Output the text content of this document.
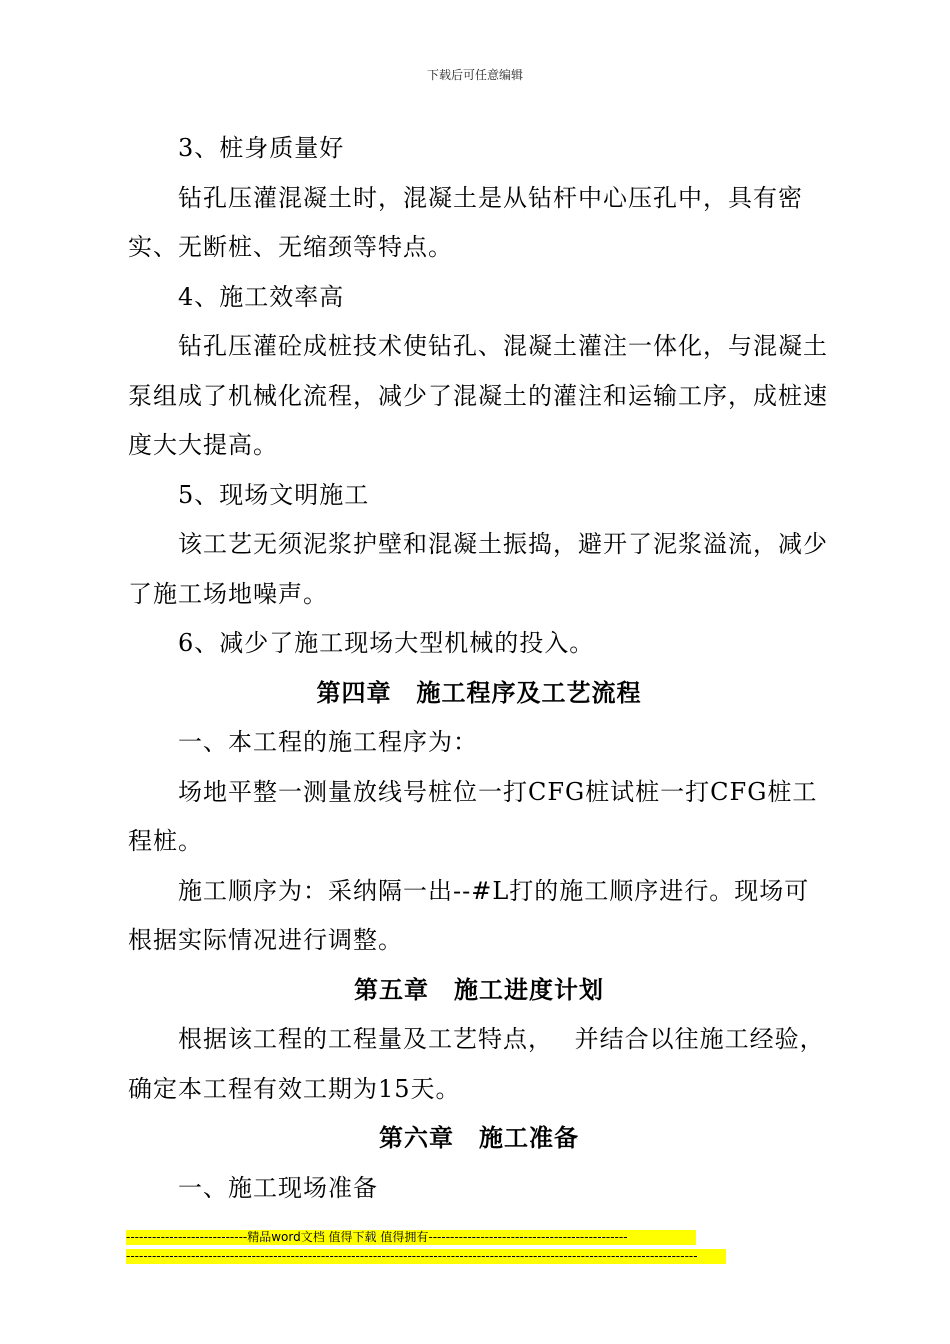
下载后可任意编辑

3、桩身质量好

钻孔压灌混凝土时，混凝土是从钻杆中心压孔中，具有密实、无断桩、无缩颈等特点。

4、施工效率高

钻孔压灌砼成桩技术使钻孔、混凝土灌注一体化，与混凝土泵组成了机械化流程，减少了混凝土的灌注和运输工序，成桩速度大大提高。

5、现场文明施工

该工艺无须泥浆护壁和混凝土振捣，避开了泥浆溢流，减少了施工场地噪声。

6、减少了施工现场大型机械的投入。

第四章　施工程序及工艺流程

一、本工程的施工程序为：

场地平整一测量放线号桩位一打CFG桩试桩一打CFG桩工程桩。

施工顺序为：采纳隔一出--#L打的施工顺序进行。现场可根据实际情况进行调整。

第五章　施工进度计划

根据该工程的工程量及工艺特点，　 并结合以往施工经验，确定本工程有效工期为15天。

第六章　施工准备

一、施工现场准备

----------------------------精品word文档 值得下载 值得拥有----------------------------------------------
------------------------------------------------------------------------------------------------------------------------------------
